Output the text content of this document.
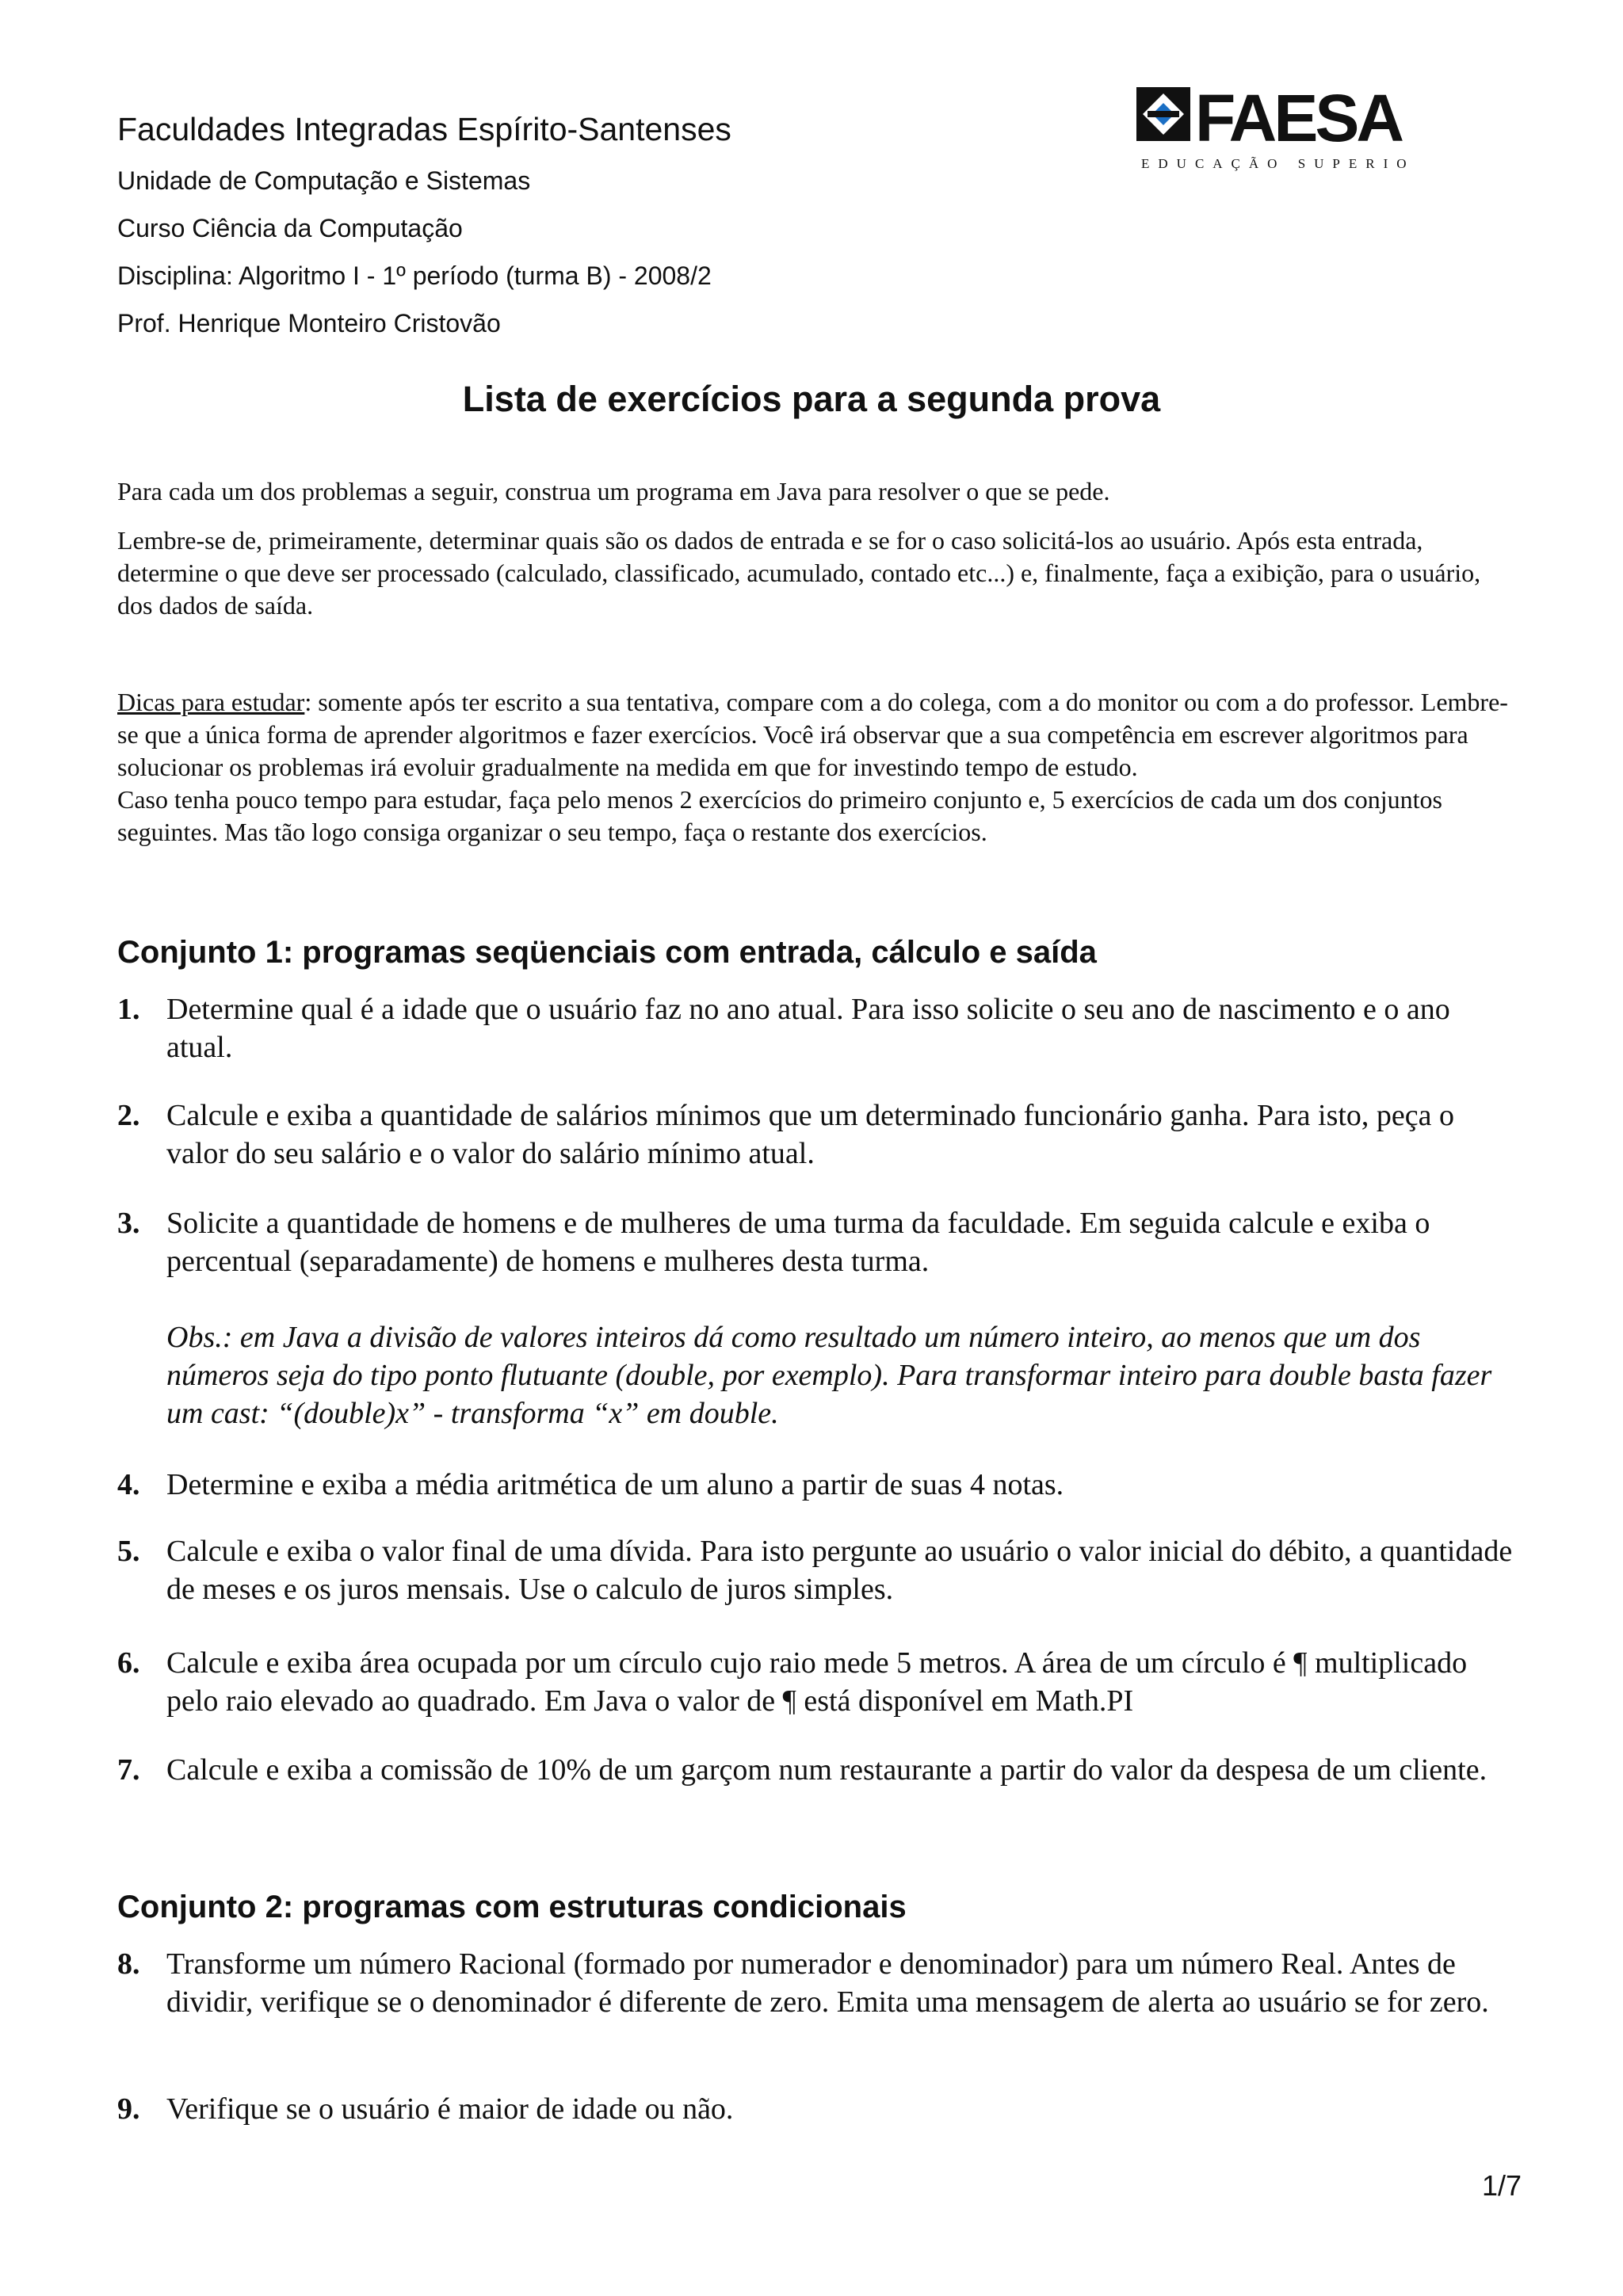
Faculdades Integradas Espírito-Santenses
Unidade de Computação e Sistemas
Curso Ciência da Computação
Disciplina: Algoritmo I - 1º período (turma B) - 2008/2
Prof. Henrique Monteiro Cristovão
FAESA
EDUCAÇÃO SUPERIOR
Lista de exercícios para a segunda prova

Para cada um dos problemas a seguir, construa um programa em Java para resolver o que se pede.

Lembre-se de, primeiramente, determinar quais são os dados de entrada e se for o caso solicitá-los ao usuário. Após esta entrada, determine o que deve ser processado (calculado, classificado, acumulado, contado etc...) e, finalmente, faça a exibição, para o usuário, dos dados de saída.

Dicas para estudar: somente após ter escrito a sua tentativa, compare com a do colega, com a do monitor ou com a do professor. Lembre-se que a única forma de aprender algoritmos e fazer exercícios. Você irá observar que a sua competência em escrever algoritmos para solucionar os problemas irá evoluir gradualmente na medida em que for investindo tempo de estudo.
Caso tenha pouco tempo para estudar, faça pelo menos 2 exercícios do primeiro conjunto e, 5 exercícios de cada um dos conjuntos seguintes. Mas tão logo consiga organizar o seu tempo, faça o restante dos exercícios.
Conjunto 1: programas seqüenciais com entrada, cálculo e saída
1. Determine qual é a idade que o usuário faz no ano atual. Para isso solicite o seu ano de nascimento e o ano atual.
2. Calcule e exiba a quantidade de salários mínimos que um determinado funcionário ganha. Para isto, peça o valor do seu salário e o valor do salário mínimo atual.
3. Solicite a quantidade de homens e de mulheres de uma turma da faculdade. Em seguida calcule e exiba o percentual (separadamente) de homens e mulheres desta turma.
Obs.: em Java a divisão de valores inteiros dá como resultado um número inteiro, ao menos que um dos números seja do tipo ponto flutuante (double, por exemplo). Para transformar inteiro para double basta fazer um cast: “(double)x” - transforma “x” em double.
4. Determine e exiba a média aritmética de um aluno a partir de suas 4 notas.
5. Calcule e exiba o valor final de uma dívida. Para isto pergunte ao usuário o valor inicial do débito, a quantidade de meses e os juros mensais. Use o calculo de juros simples.
6. Calcule e exiba área ocupada por um círculo cujo raio mede 5 metros. A área de um círculo é ¶ multiplicado pelo raio elevado ao quadrado. Em Java o valor de ¶ está disponível em Math.PI
7. Calcule e exiba a comissão de 10% de um garçom num restaurante a partir do valor da despesa de um cliente.
Conjunto 2: programas com estruturas condicionais
8. Transforme um número Racional (formado por numerador e denominador) para um número Real. Antes de dividir, verifique se o denominador é diferente de zero. Emita uma mensagem de alerta ao usuário se for zero.
9. Verifique se o usuário é maior de idade ou não.
1/7
